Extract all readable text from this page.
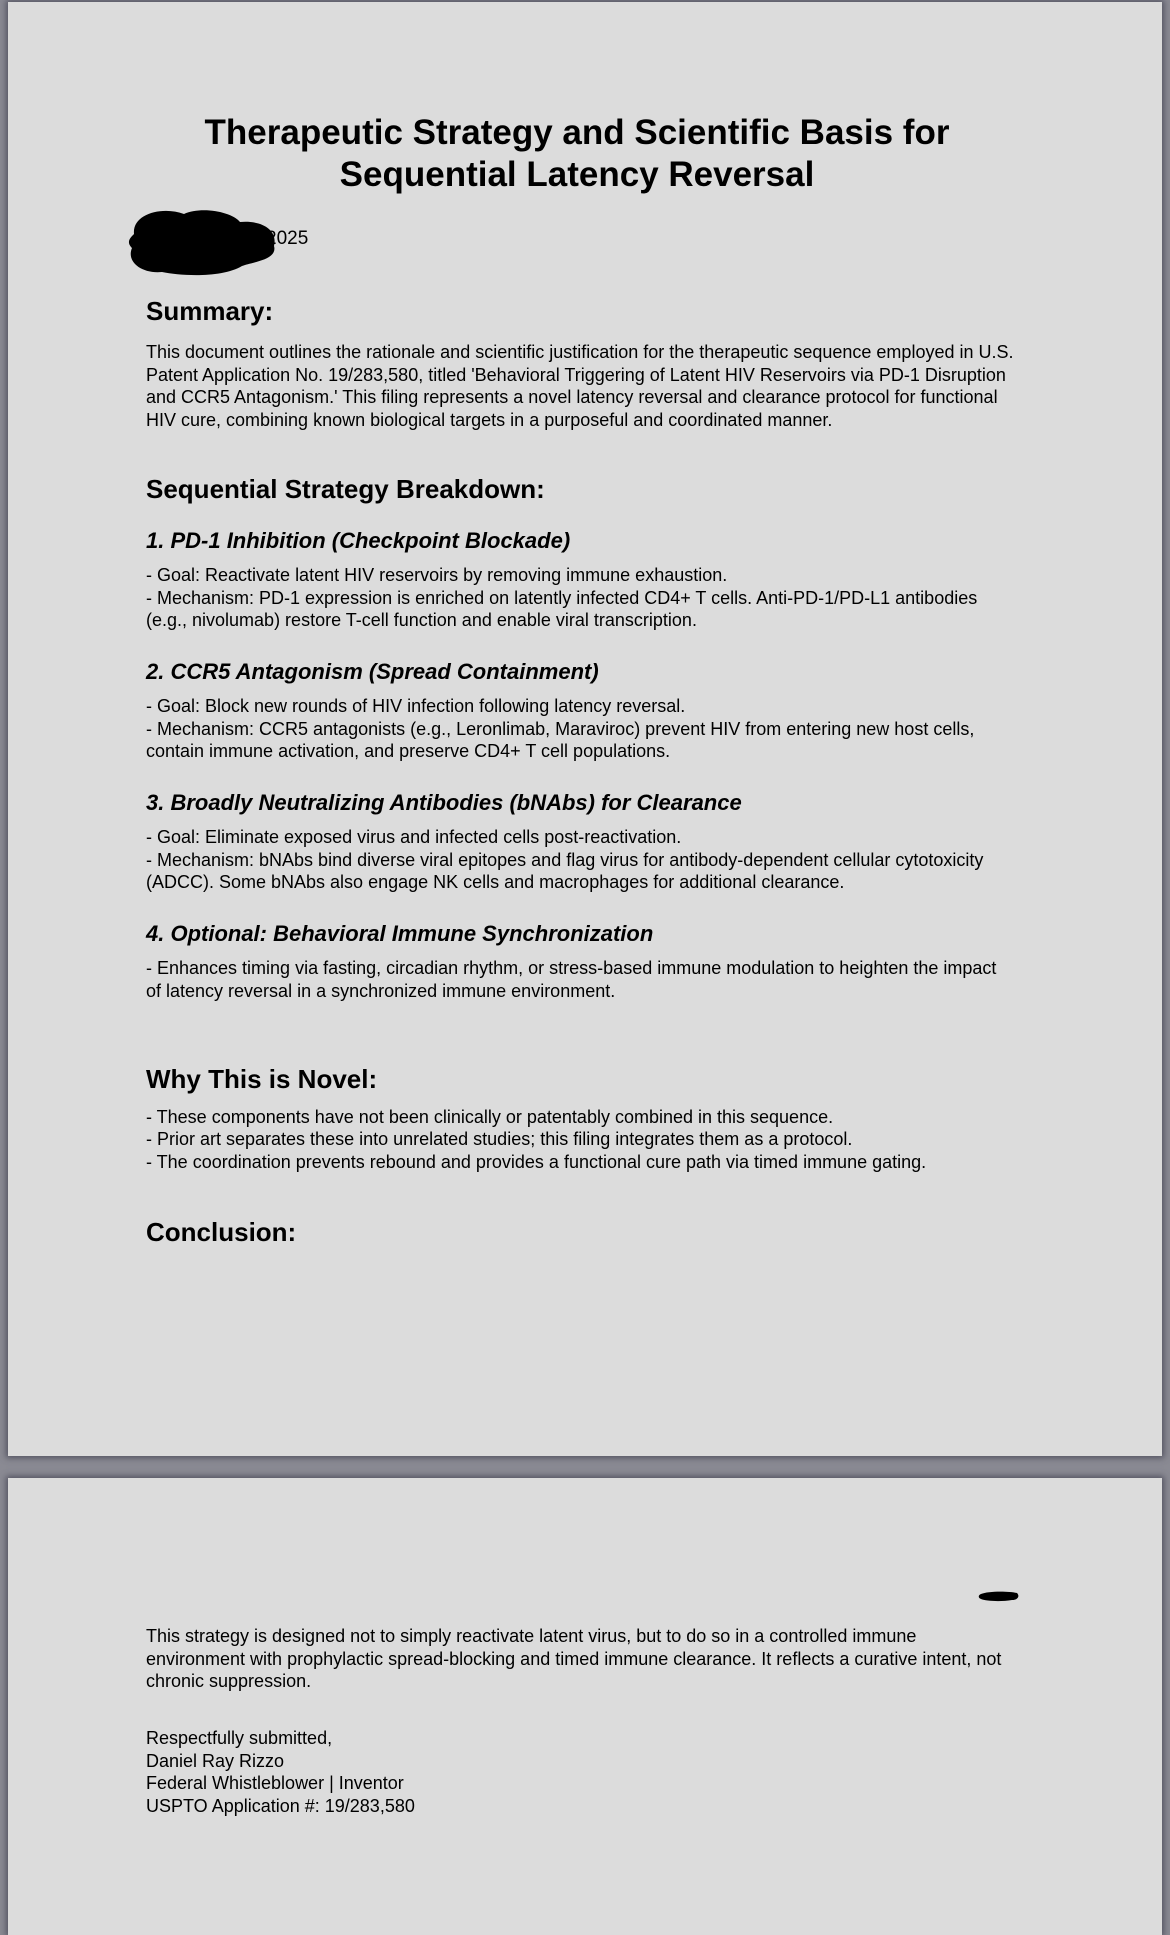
Therapeutic Strategy and Scientific Basis for
Sequential Latency Reversal
2025
Summary:

This document outlines the rationale and scientific justification for the therapeutic sequence employed in U.S. Patent Application No. 19/283,580, titled 'Behavioral Triggering of Latent HIV Reservoirs via PD-1 Disruption and CCR5 Antagonism.' This filing represents a novel latency reversal and clearance protocol for functional HIV cure, combining known biological targets in a purposeful and coordinated manner.

Sequential Strategy Breakdown:
1. PD-1 Inhibition (Checkpoint Blockade)

- Goal: Reactivate latent HIV reservoirs by removing immune exhaustion.

- Mechanism: PD-1 expression is enriched on latently infected CD4+ T cells. Anti-PD-1/PD-L1 antibodies (e.g., nivolumab) restore T-cell function and enable viral transcription.

2. CCR5 Antagonism (Spread Containment)

- Goal: Block new rounds of HIV infection following latency reversal.

- Mechanism: CCR5 antagonists (e.g., Leronlimab, Maraviroc) prevent HIV from entering new host cells, contain immune activation, and preserve CD4+ T cell populations.

3. Broadly Neutralizing Antibodies (bNAbs) for Clearance

- Goal: Eliminate exposed virus and infected cells post-reactivation.

- Mechanism: bNAbs bind diverse viral epitopes and flag virus for antibody-dependent cellular cytotoxicity (ADCC). Some bNAbs also engage NK cells and macrophages for additional clearance.

4. Optional: Behavioral Immune Synchronization

- Enhances timing via fasting, circadian rhythm, or stress-based immune modulation to heighten the impact of latency reversal in a synchronized immune environment.

Why This is Novel:

- These components have not been clinically or patentably combined in this sequence.

- Prior art separates these into unrelated studies; this filing integrates them as a protocol.

- The coordination prevents rebound and provides a functional cure path via timed immune gating.

Conclusion:

This strategy is designed not to simply reactivate latent virus, but to do so in a controlled immune environment with prophylactic spread-blocking and timed immune clearance. It reflects a curative intent, not chronic suppression.

Respectfully submitted,
Daniel Ray Rizzo
Federal Whistleblower | Inventor
USPTO Application #: 19/283,580
